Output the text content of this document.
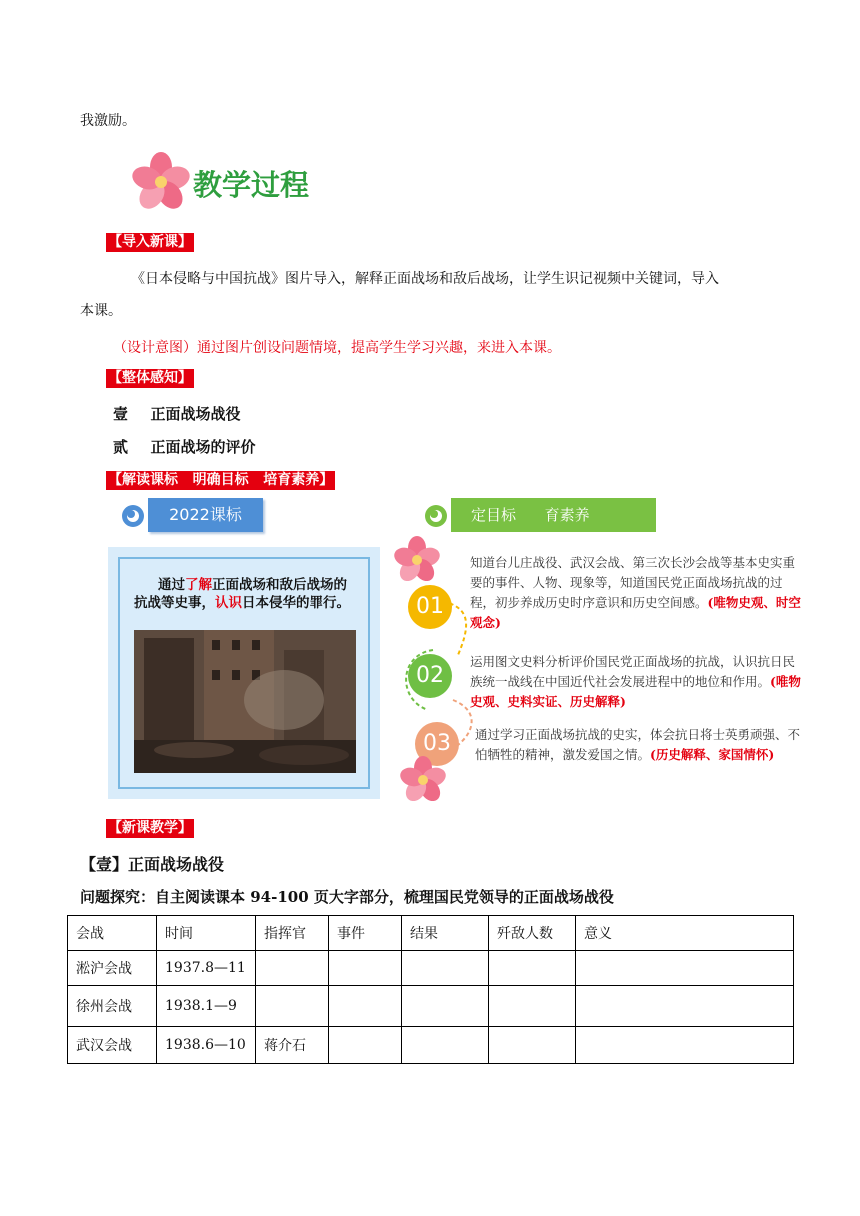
我激励。
教学过程
【导入新课】
《日本侵略与中国抗战》图片导入，解释正面战场和敌后战场，让学生识记视频中关键词，导入
本课。
（设计意图）通过图片创设问题情境，提高学生学习兴趣，来进入本课。
【整体感知】
壹 正面战场战役
贰 正面战场的评价
【解读课标   明确目标   培育素养】
2022课标	定目标      育素养
通过了解正面战场和敌后战场的抗战等史事，认识日本侵华的罪行。	01
02
03
知道台儿庄战役、武汉会战、第三次长沙会战等基本史实重要的事件、人物、现象等，知道国民党正面战场抗战的过程，初步养成历史时序意识和历史空间感。(唯物史观、时空观念)
运用图文史料分析评价国民党正面战场的抗战，认识抗日民族统一战线在中国近代社会发展进程中的地位和作用。(唯物史观、史料实证、历史解释)
通过学习正面战场抗战的史实，体会抗日将士英勇顽强、不怕牺牲的精神，激发爱国之情。(历史解释、家国情怀)
【新课教学】
【壹】正面战场战役
问题探究：自主阅读课本 94-100 页大字部分，梳理国民党领导的正面战场战役
会战	时间	指挥官	事件	结果	歼敌人数	意义
淞沪会战	1937.8—11					
徐州会战	1938.1—9					
武汉会战	1938.6—10	蒋介石				
